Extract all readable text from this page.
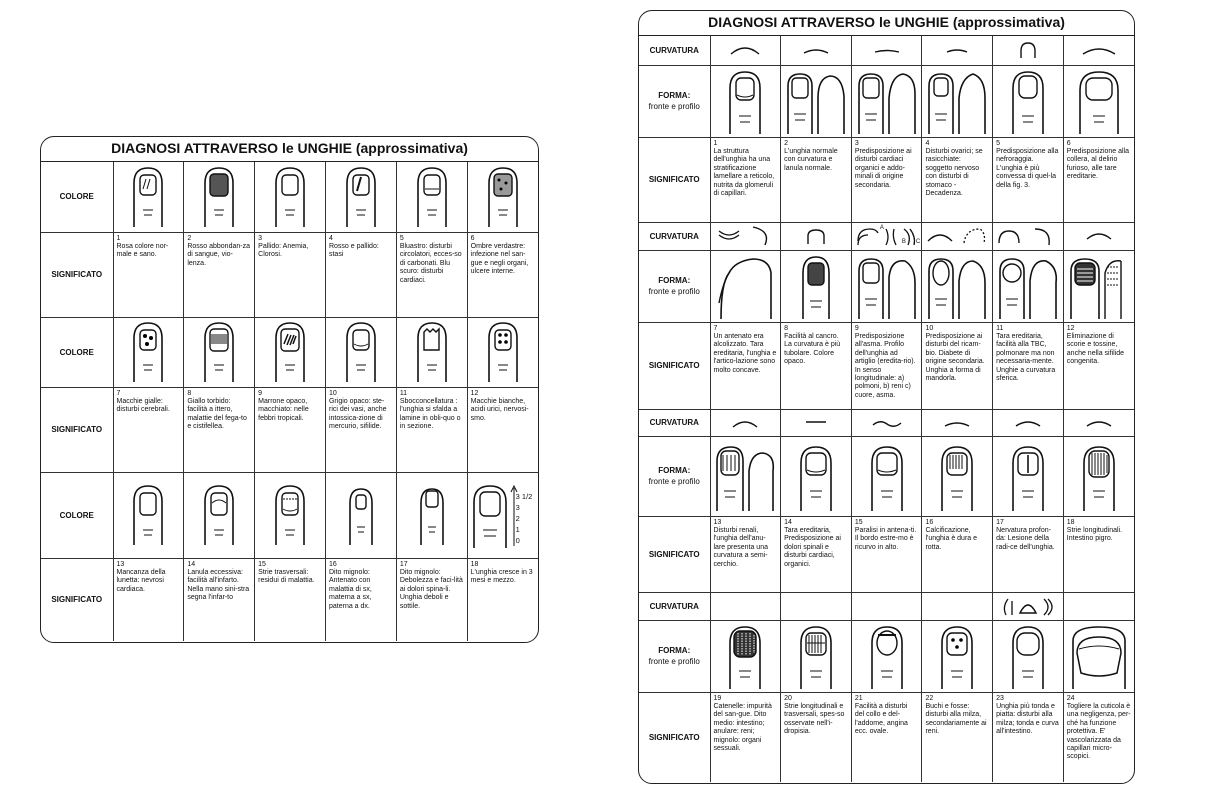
DIAGNOSI ATTRAVERSO le UNGHIE (approssimativa)
COLORE	

SIGNIFICATO	1
Rosa colore nor-male e sano.	2
Rosso abbondan-za di sangue, vio-lenza.	3
Pallido: Anemia, Clorosi.	4
Rosso e pallido: stasi	5
Bluastro: disturbi circolatori, ecces-so di carbonati. Blu scuro: disturbi cardiaci.	6
Ombre verdastre: infezione nel san-gue e negli organi, ulcere interne.
COLORE	

SIGNIFICATO	7
Macchie gialle: disturbi cerebrali.	8
Giallo torbido: facilità a ittero, malattie del fega-to e cistifellea.	9
Marrone opaco, macchiato: nelle febbri tropicali.	10
Grigio opaco: ste-rici dei vasi, anche intossica-zione di mercurio, sifilide.	11
Sbocconcellatura : l'unghia si sfalda a lamine in obli-quo o in sezione.	12
Macchie bianche, acidi urici, nervosi-smo.
COLORE						3 1/2
3
2
1
0

SIGNIFICATO	13
Mancanza della lunetta: nevrosi cardiaca.	14
Lanula eccessiva: facilità all'infarto. Nella mano sini-stra segna l'infar-to	15
Strie trasversali: residui di malattia.	16
Dito mignolo: Antenato con malattia di sx, materna a sx, paterna a dx.	17
Dito mignolo: Debolezza e faci-lità ai dolori spina-li. Unghia deboli e sottile.	18
L'unghia cresce in 3 mesi e mezzo.
DIAGNOSI ATTRAVERSO le UNGHIE (approssimativa)
CURVATURA	

FORMA:
fronte e profilo

SIGNIFICATO	1
La struttura dell'unghia ha una stratificazione lamellare a reticolo, nutrita da glomeruli di capillari.	2
L'unghia normale con curvatura e lanula normale.	3
Predisposizione ai disturbi cardiaci organici e addo-minali di origine secondaria.	4
Disturbi ovarici; se rasicchiate: soggetto nervoso con disturbi di stomaco - Decadenza.	5
Predisposizione alla nefroraggia. L'unghia è più convessa di quel-la della fig. 3.	6
Predisposizione alla collera, al delirio furioso, alle tare ereditarie.
CURVATURA			A
B C

FORMA:
fronte e profilo

SIGNIFICATO	7
Un antenato era alcolizzato. Tara ereditaria, l'unghia e l'artico-lazione sono molto concave.	8
Facilità al cancro. La curvatura è più tubolare. Colore opaco.	9
Predisposizione all'asma. Profilo dell'unghia ad artiglio (eredita-rio). In senso longitudinale: a) polmoni, b) reni c) cuore, asma.	10
Predisposizione ai disturbi del ricam-bio. Diabete di origine secondaria. Unghia a forma di mandorla.	11
Tara ereditaria, facilità alla TBC, polmonare ma non necessaria-mente. Unghie a curvatura sferica.	12
Eliminazione di scorie e tossine, anche nella sifilide congenita.
CURVATURA	

FORMA:
fronte e profilo

SIGNIFICATO	13
Disturbi renali, l'unghia dell'anu-lare presenta una curvatura a semi-cerchio.	14
Tara ereditaria, Predisposizione ai dolori spinali e disturbi cardiaci, organici.	15
Paralisi in antena-ti. Il bordo estre-mo è ricurvo in alto.	16
Calcificazione, l'unghia è dura e rotta.	17
Nervatura profon-da: Lesione della radi-ce dell'unghia.	18
Strie longitudinali. Intestino pigro.
CURVATURA					

FORMA:
fronte e profilo

SIGNIFICATO	19
Catenelle: impurità del san-gue. Dito medio: intestino; anulare: reni; mignolo: organi sessuali.	20
Strie longitudinali e trasversali, spes-so osservate nell'i-dropisia.	21
Facilità a disturbi del collo e del-l'addome, angina ecc. ovale.	22
Buchi e fosse: disturbi alla milza, secondariamente ai reni.	23
Unghia più tonda e piatta: disturbi alla milza; tonda e curva all'intestino.	24
Togliere la cuticola è una negligenza, per-ché ha funzione protettiva. E' vascolarizzata da capillari micro-scopici.
